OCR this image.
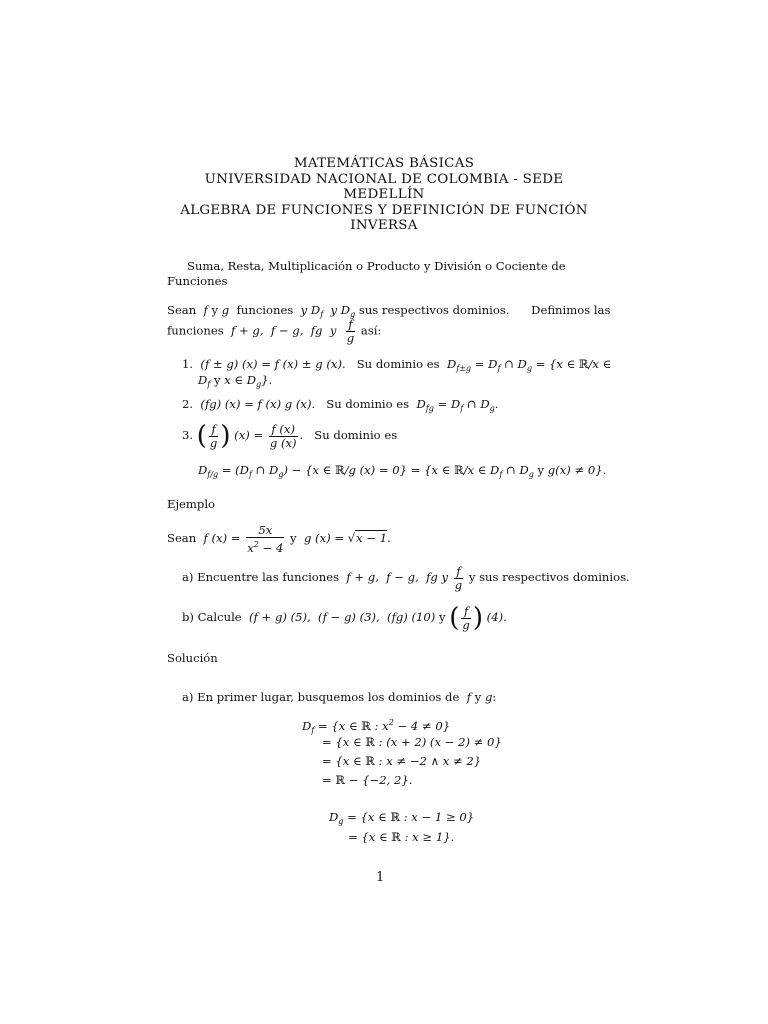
MATEMÁTICAS BÁSICAS
UNIVERSIDAD NACIONAL DE COLOMBIA - SEDE
MEDELLÍN
ALGEBRA DE FUNCIONES Y DEFINICIÓN DE FUNCIÓN
INVERSA
Suma, Resta, Multiplicación o Producto y División o Cociente de
Funciones
Sean  f y g  funciones  y $D_f$  y $D_g$ sus respectivos dominios. Definimos las
funciones  f + g,  f − g,  fg  y $\frac{f}{g}$ así:
1.  (f ± g) (x) = f (x) ± g (x).   Su dominio es  $D_{f\pm g} = D_f$ ∩ $D_g = \{x$ ∈ ℝ/x ∈
$D_f$ y x ∈ $D_g$}.
2.  (fg) (x) = f (x) g (x).   Su dominio es  $D_{fg} = D_f$ ∩ $D_g$.
3. ( $\frac{f}{g}$ ) $(x) = \frac{f (x)}{g (x)}$ .   Su dominio es
$D_{f/g} = (D_f$ ∩ $D_g) - \{x$ ∈ ℝ/g (x) = 0} = {x ∈ ℝ/x ∈ $D_f$ ∩ $D_g$ y g(x) ≠ 0}.
Ejemplo
Sean  f $(x) = \frac{5x}{x^2 - 4}$ y  g (x) = √x − 1.
a) Encuentre las funciones  f + g,  f − g,  fg y $\frac{f}{g}$ y sus respectivos dominios.
b) Calcule  (f + g) (5),  (f − g) (3),  (fg) (10) y ( $\frac{f}{g}$ ) (4).
Solución
a) En primer lugar, busquemos los dominios de  f y g:
$D_f = \{x$ ∈ ℝ : $x^2 - 4 \ne 0$}
= {x ∈ ℝ : (x + 2) (x − 2) ≠ 0}
= {x ∈ ℝ : x ≠ −2 ∧ x ≠ 2}
= ℝ − {−2, 2}.
$D_g = \{x$ ∈ ℝ : x − 1 ≥ 0}
= {x ∈ ℝ : x ≥ 1}.
1
